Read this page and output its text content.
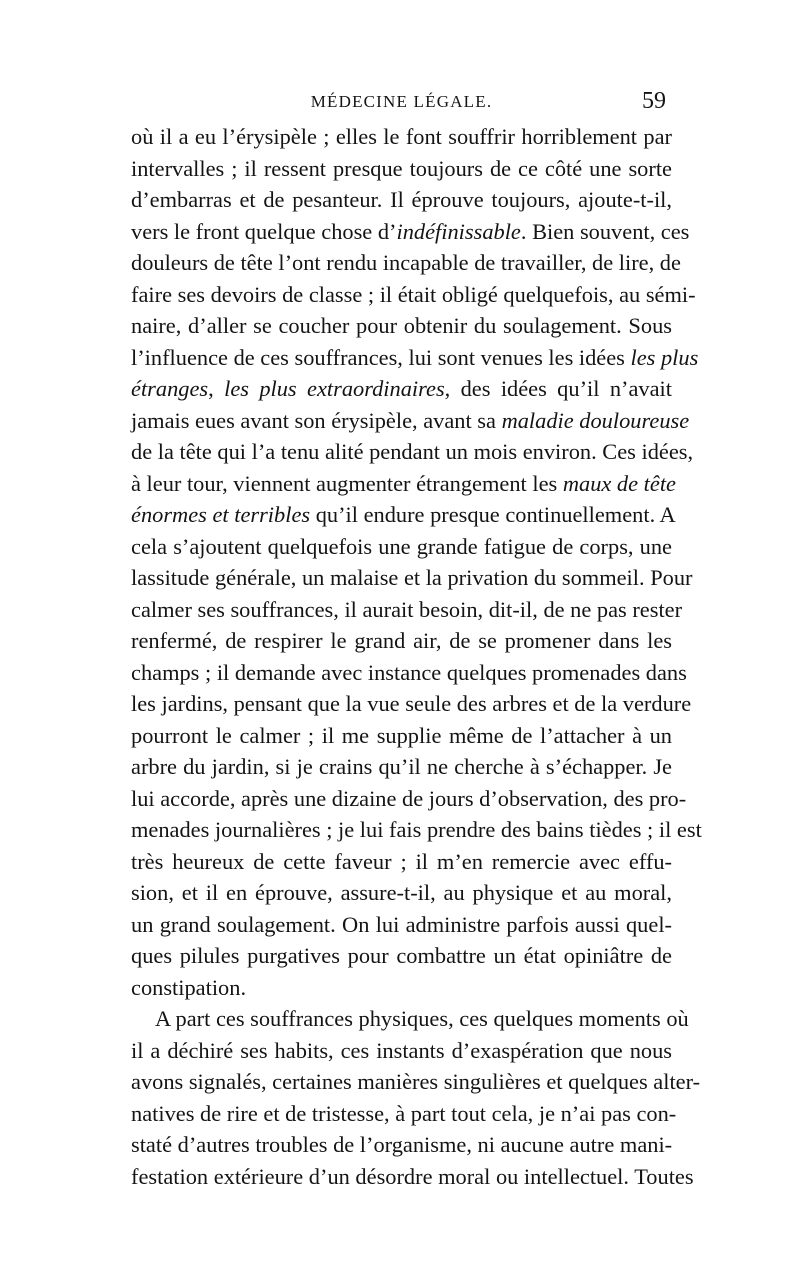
MÉDECINE LÉGALE.	59
où il a eu l’érysipèle ; elles le font souffrir horriblement par
intervalles ; il ressent presque toujours de ce côté une sorte
d’embarras et de pesanteur. Il éprouve toujours, ajoute-t-il,
vers le front quelque chose d’indéfinissable. Bien souvent, ces
douleurs de tête l’ont rendu incapable de travailler, de lire, de
faire ses devoirs de classe ; il était obligé quelquefois, au sémi-
naire, d’aller se coucher pour obtenir du soulagement. Sous
l’influence de ces souffrances, lui sont venues les idées les plus
étranges, les plus extraordinaires, des idées qu’il n’avait
jamais eues avant son érysipèle, avant sa maladie douloureuse
de la tête qui l’a tenu alité pendant un mois environ. Ces idées,
à leur tour, viennent augmenter étrangement les maux de tête
énormes et terribles qu’il endure presque continuellement. A
cela s’ajoutent quelquefois une grande fatigue de corps, une
lassitude générale, un malaise et la privation du sommeil. Pour
calmer ses souffrances, il aurait besoin, dit-il, de ne pas rester
renfermé, de respirer le grand air, de se promener dans les
champs ; il demande avec instance quelques promenades dans
les jardins, pensant que la vue seule des arbres et de la verdure
pourront le calmer ; il me supplie même de l’attacher à un
arbre du jardin, si je crains qu’il ne cherche à s’échapper. Je
lui accorde, après une dizaine de jours d’observation, des pro-
menades journalières ; je lui fais prendre des bains tièdes ; il est
très heureux de cette faveur ; il m’en remercie avec effu-
sion, et il en éprouve, assure-t-il, au physique et au moral,
un grand soulagement. On lui administre parfois aussi quel-
ques pilules purgatives pour combattre un état opiniâtre de
constipation.
A part ces souffrances physiques, ces quelques moments où
il a déchiré ses habits, ces instants d’exaspération que nous
avons signalés, certaines manières singulières et quelques alter-
natives de rire et de tristesse, à part tout cela, je n’ai pas con-
staté d’autres troubles de l’organisme, ni aucune autre mani-
festation extérieure d’un désordre moral ou intellectuel. Toutes
